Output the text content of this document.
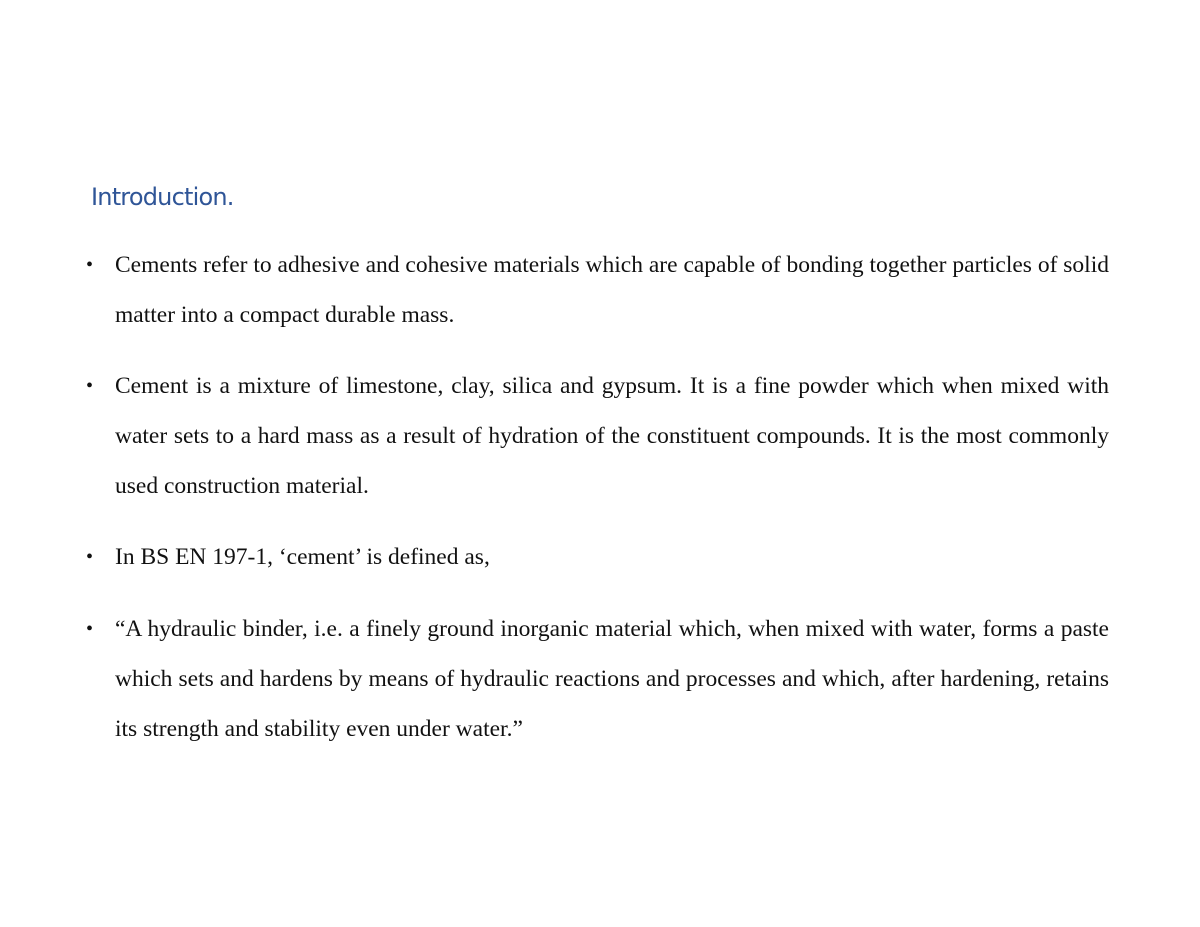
Introduction.
• Cements refer to adhesive and cohesive materials which are capable of bonding together particles of solid matter into a compact durable mass.
• Cement is a mixture of limestone, clay, silica and gypsum. It is a fine powder which when mixed with water sets to a hard mass as a result of hydration of the constituent compounds. It is the most commonly used construction material.
• In BS EN 197-1, ‘cement’ is defined as,
• “A hydraulic binder, i.e. a finely ground inorganic material which, when mixed with water, forms a paste which sets and hardens by means of hydraulic reactions and processes and which, after hardening, retains its strength and stability even under water.”
